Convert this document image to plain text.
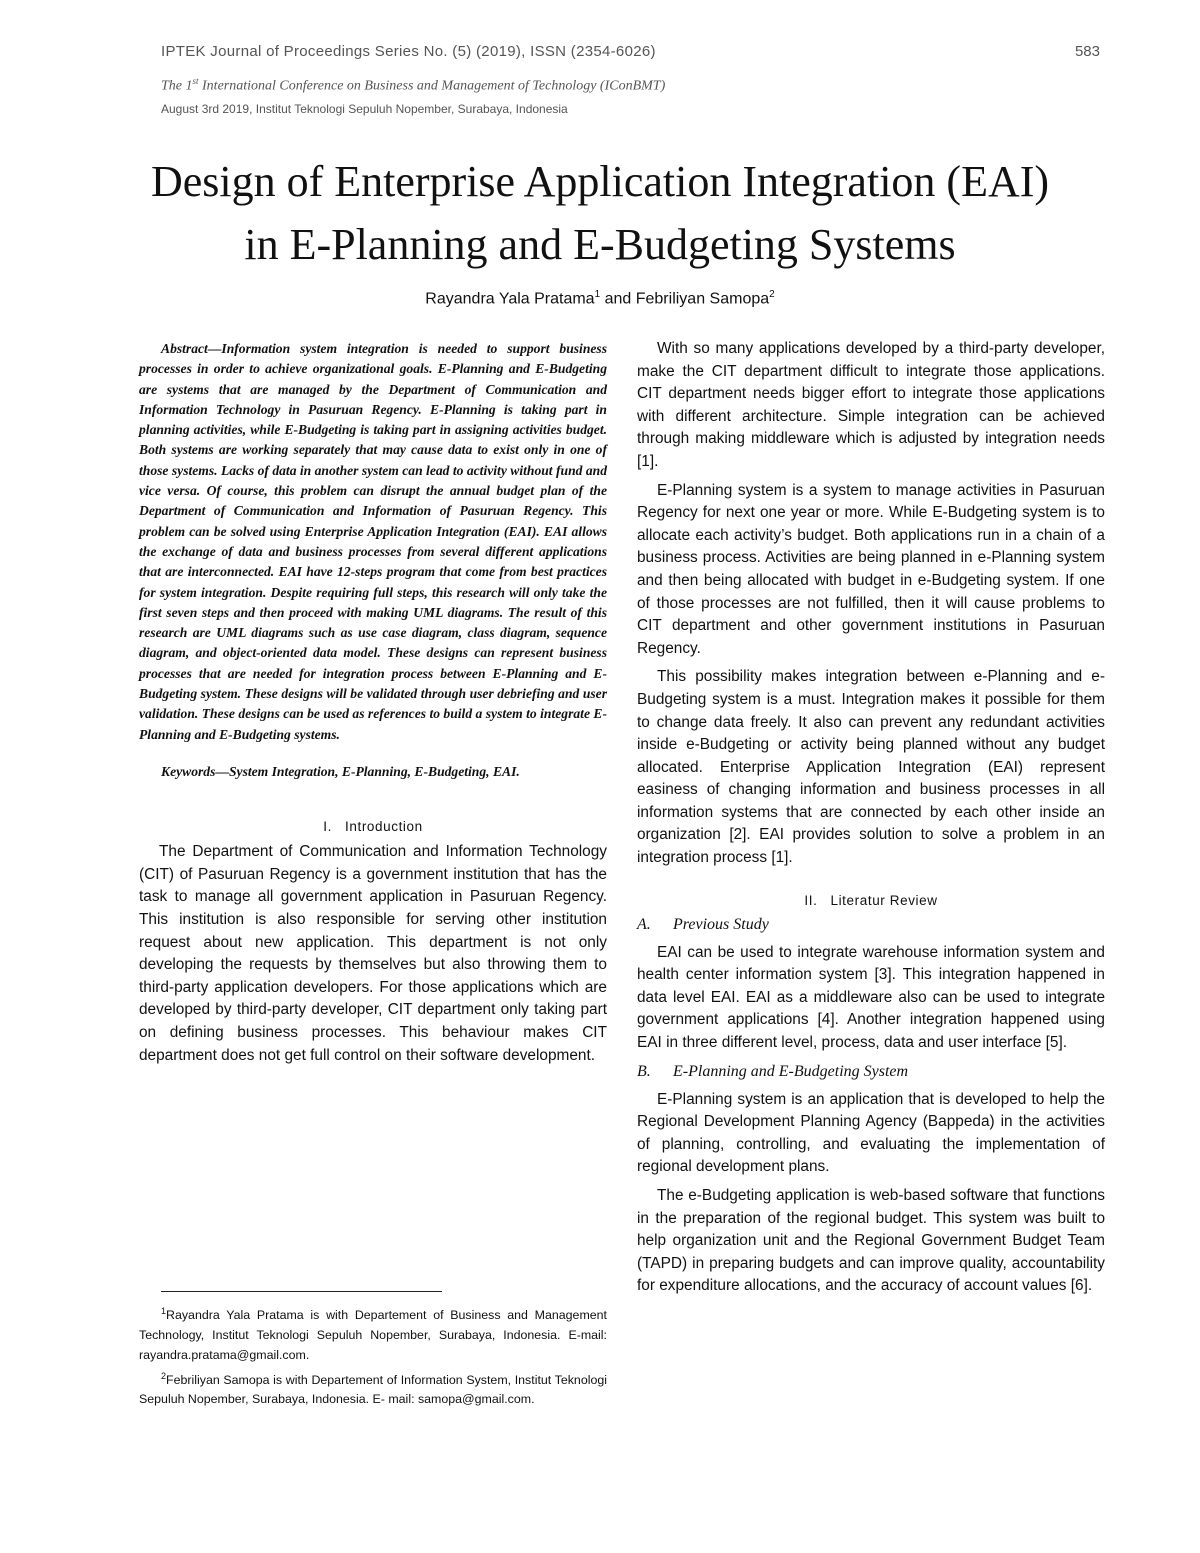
IPTEK Journal of Proceedings Series No. (5) (2019), ISSN (2354-6026)	583
The 1st International Conference on Business and Management of Technology (IConBMT)
August 3rd 2019, Institut Teknologi Sepuluh Nopember, Surabaya, Indonesia
Design of Enterprise Application Integration (EAI)
in E-Planning and E-Budgeting Systems
Rayandra Yala Pratama$^1$ and Febriliyan Samopa$^2$

Abstract—Information system integration is needed to support business processes in order to achieve organizational goals. E-Planning and E-Budgeting are systems that are managed by the Department of Communication and Information Technology in Pasuruan Regency. E-Planning is taking part in planning activities, while E-Budgeting is taking part in assigning activities budget. Both systems are working separately that may cause data to exist only in one of those systems. Lacks of data in another system can lead to activity without fund and vice versa. Of course, this problem can disrupt the annual budget plan of the Department of Communication and Information of Pasuruan Regency. This problem can be solved using Enterprise Application Integration (EAI). EAI allows the exchange of data and business processes from several different applications that are interconnected. EAI have 12-steps program that come from best practices for system integration. Despite requiring full steps, this research will only take the first seven steps and then proceed with making UML diagrams. The result of this research are UML diagrams such as use case diagram, class diagram, sequence diagram, and object-oriented data model. These designs can represent business processes that are needed for integration process between E-Planning and E-Budgeting system. These designs will be validated through user debriefing and user validation. These designs can be used as references to build a system to integrate E-Planning and E-Budgeting systems.

Keywords—System Integration, E-Planning, E-Budgeting, EAI.

I.   Introduction

The Department of Communication and Information Technology (CIT) of Pasuruan Regency is a government institution that has the task to manage all government application in Pasuruan Regency. This institution is also responsible for serving other institution request about new application. This department is not only developing the requests by themselves but also throwing them to third-party application developers. For those applications which are developed by third-party developer, CIT department only taking part on defining business processes. This behaviour makes CIT department does not get full control on their software development.

$^1$Rayandra Yala Pratama is with Departement of Business and Management Technology, Institut Teknologi Sepuluh Nopember, Surabaya, Indonesia. E-mail: rayandra.pratama@gmail.com.

$^2$Febriliyan Samopa is with Departement of Information System, Institut Teknologi Sepuluh Nopember, Surabaya, Indonesia. E- mail: samopa@gmail.com.

With so many applications developed by a third-party developer, make the CIT department difficult to integrate those applications. CIT department needs bigger effort to integrate those applications with different architecture. Simple integration can be achieved through making middleware which is adjusted by integration needs [1].

E-Planning system is a system to manage activities in Pasuruan Regency for next one year or more. While E-Budgeting system is to allocate each activity’s budget. Both applications run in a chain of a business process. Activities are being planned in e-Planning system and then being allocated with budget in e-Budgeting system. If one of those processes are not fulfilled, then it will cause problems to CIT department and other government institutions in Pasuruan Regency.

This possibility makes integration between e-Planning and e-Budgeting system is a must. Integration makes it possible for them to change data freely. It also can prevent any redundant activities inside e-Budgeting or activity being planned without any budget allocated. Enterprise Application Integration (EAI) represent easiness of changing information and business processes in all information systems that are connected by each other inside an organization [2]. EAI provides solution to solve a problem in an integration process [1].

II.   Literatur Review

A. Previous Study

EAI can be used to integrate warehouse information system and health center information system [3]. This integration happened in data level EAI. EAI as a middleware also can be used to integrate government applications [4]. Another integration happened using EAI in three different level, process, data and user interface [5].

B. E-Planning and E-Budgeting System

E-Planning system is an application that is developed to help the Regional Development Planning Agency (Bappeda) in the activities of planning, controlling, and evaluating the implementation of regional development plans.

The e-Budgeting application is web-based software that functions in the preparation of the regional budget. This system was built to help organization unit and the Regional Government Budget Team (TAPD) in preparing budgets and can improve quality, accountability for expenditure allocations, and the accuracy of account values [6].
